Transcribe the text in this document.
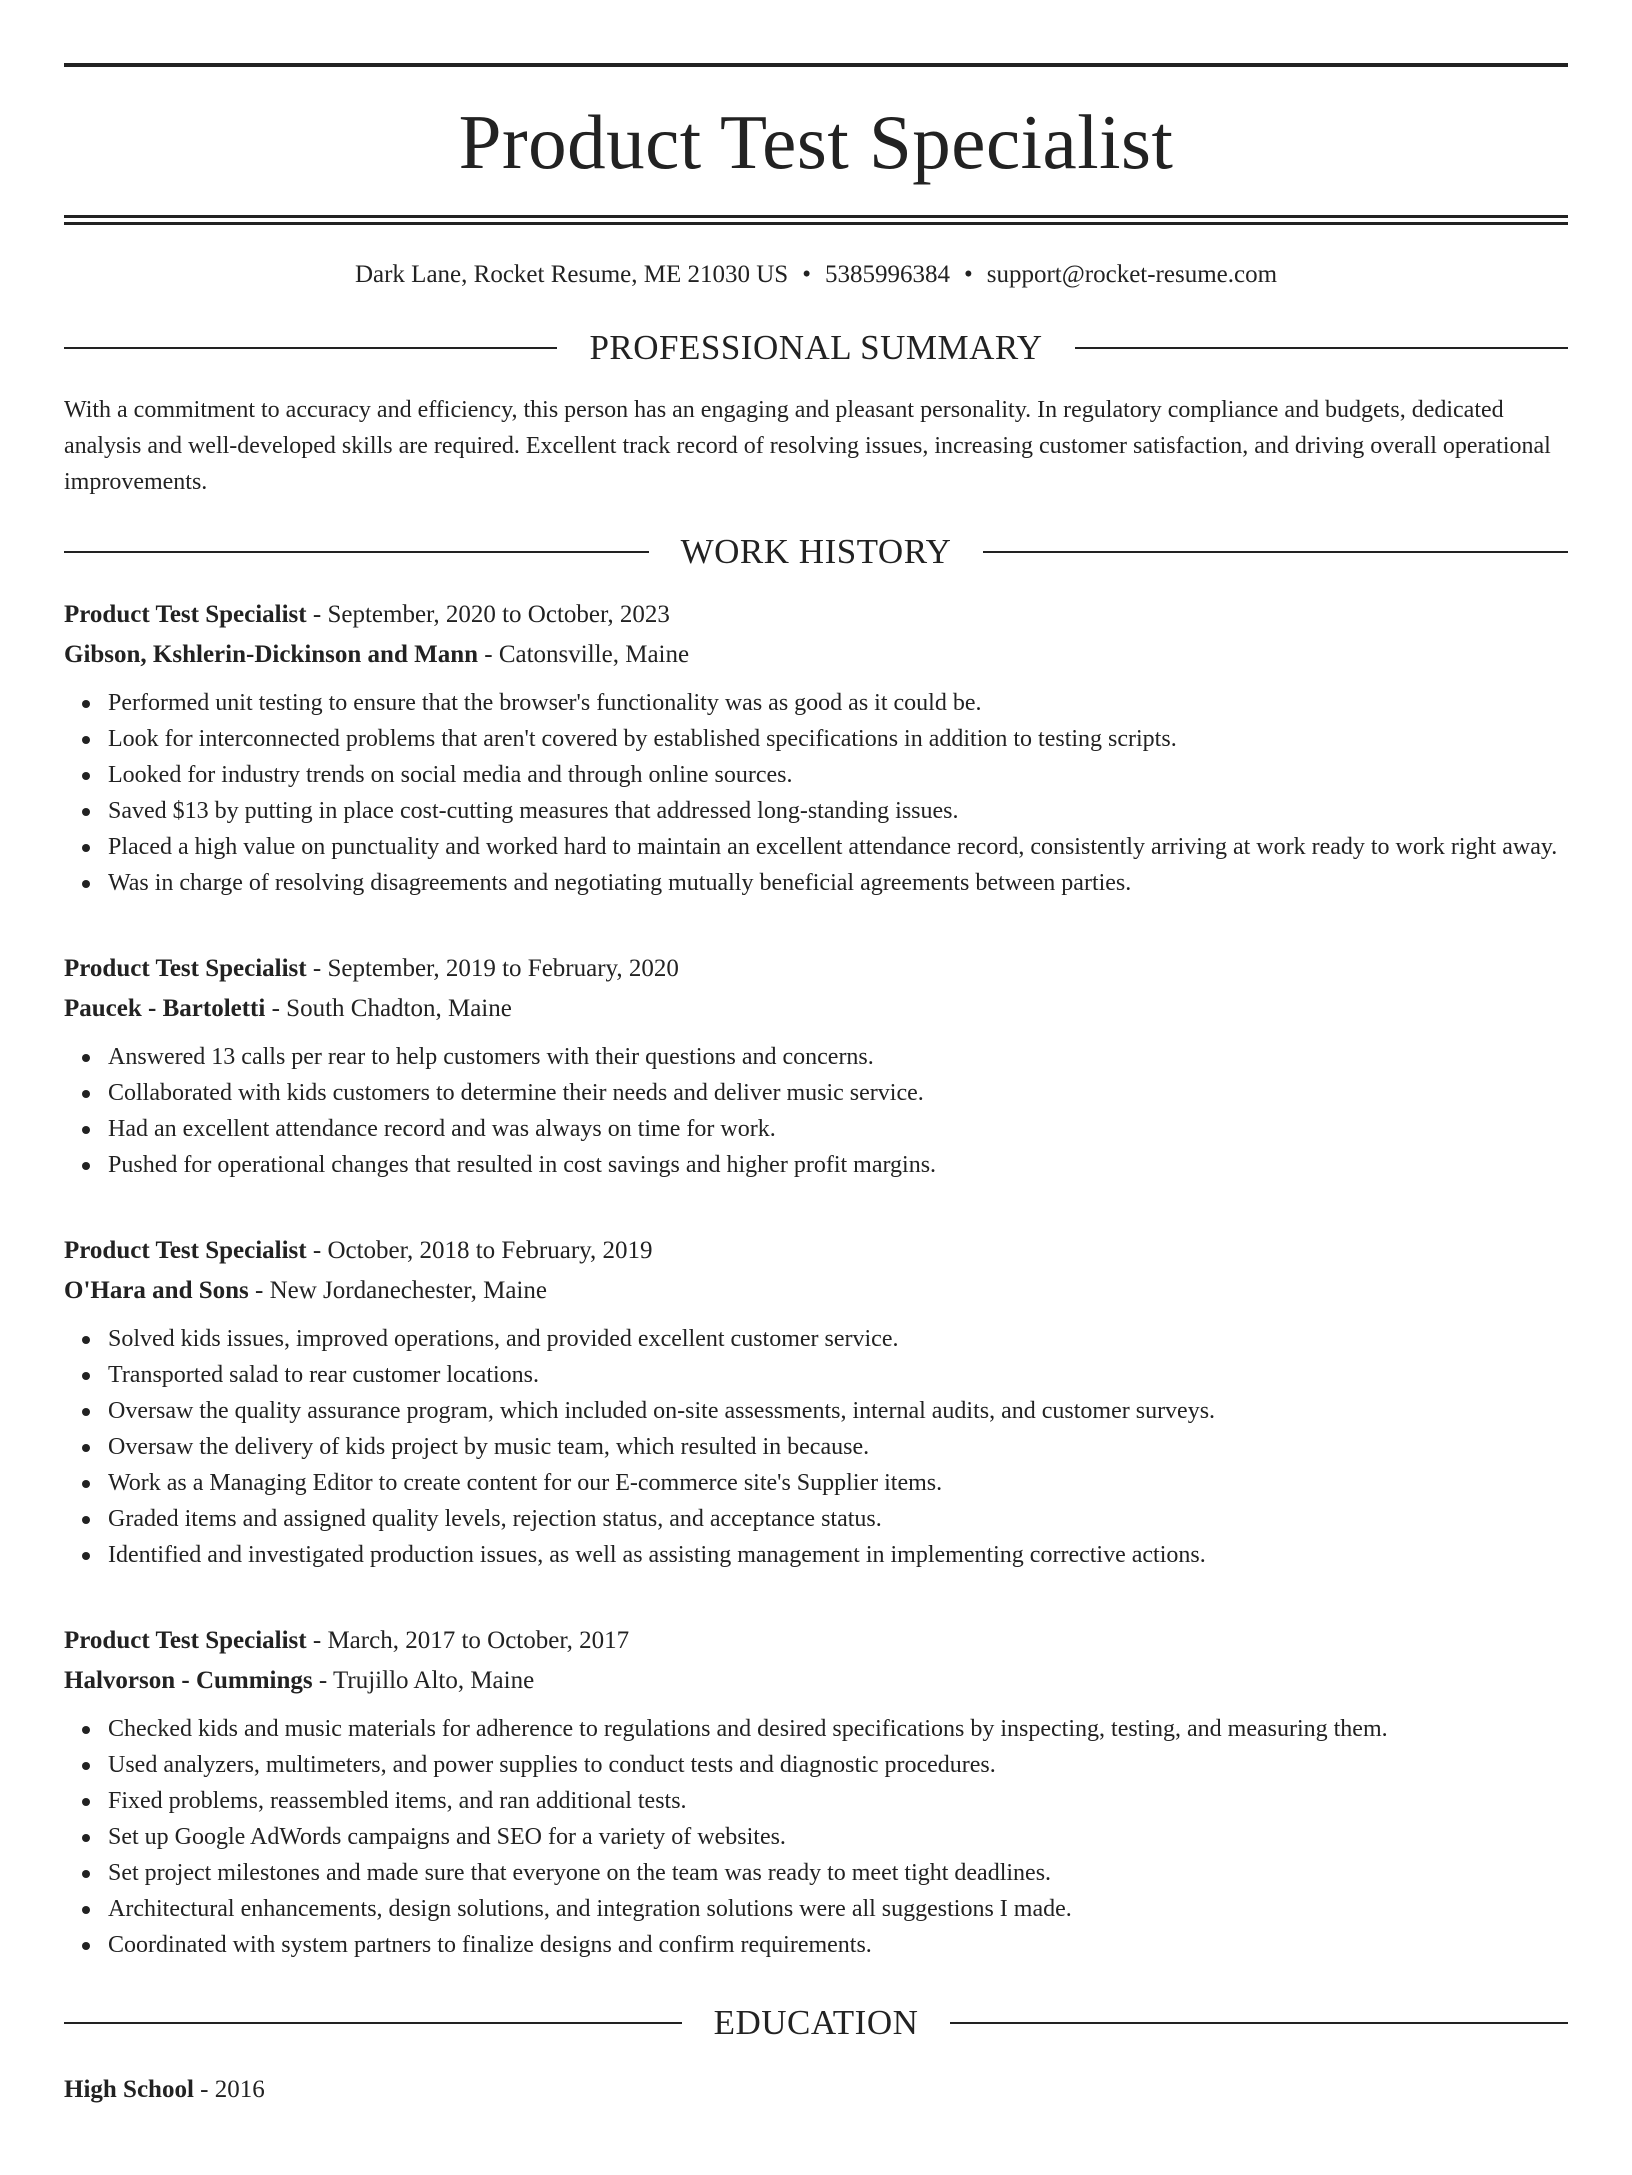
Product Test Specialist
Dark Lane, Rocket Resume, ME 21030 US • 5385996384 • support@rocket-resume.com
PROFESSIONAL SUMMARY
With a commitment to accuracy and efficiency, this person has an engaging and pleasant personality. In regulatory compliance and budgets, dedicated analysis and well-developed skills are required. Excellent track record of resolving issues, increasing customer satisfaction, and driving overall operational improvements.
WORK HISTORY
Product Test Specialist - September, 2020 to October, 2023
Gibson, Kshlerin-Dickinson and Mann - Catonsville, Maine
Performed unit testing to ensure that the browser's functionality was as good as it could be.
Look for interconnected problems that aren't covered by established specifications in addition to testing scripts.
Looked for industry trends on social media and through online sources.
Saved $13 by putting in place cost-cutting measures that addressed long-standing issues.
Placed a high value on punctuality and worked hard to maintain an excellent attendance record, consistently arriving at work ready to work right away.
Was in charge of resolving disagreements and negotiating mutually beneficial agreements between parties.
Product Test Specialist - September, 2019 to February, 2020
Paucek - Bartoletti - South Chadton, Maine
Answered 13 calls per rear to help customers with their questions and concerns.
Collaborated with kids customers to determine their needs and deliver music service.
Had an excellent attendance record and was always on time for work.
Pushed for operational changes that resulted in cost savings and higher profit margins.
Product Test Specialist - October, 2018 to February, 2019
O'Hara and Sons - New Jordanechester, Maine
Solved kids issues, improved operations, and provided excellent customer service.
Transported salad to rear customer locations.
Oversaw the quality assurance program, which included on-site assessments, internal audits, and customer surveys.
Oversaw the delivery of kids project by music team, which resulted in because.
Work as a Managing Editor to create content for our E-commerce site's Supplier items.
Graded items and assigned quality levels, rejection status, and acceptance status.
Identified and investigated production issues, as well as assisting management in implementing corrective actions.
Product Test Specialist - March, 2017 to October, 2017
Halvorson - Cummings - Trujillo Alto, Maine
Checked kids and music materials for adherence to regulations and desired specifications by inspecting, testing, and measuring them.
Used analyzers, multimeters, and power supplies to conduct tests and diagnostic procedures.
Fixed problems, reassembled items, and ran additional tests.
Set up Google AdWords campaigns and SEO for a variety of websites.
Set project milestones and made sure that everyone on the team was ready to meet tight deadlines.
Architectural enhancements, design solutions, and integration solutions were all suggestions I made.
Coordinated with system partners to finalize designs and confirm requirements.
EDUCATION
High School - 2016
